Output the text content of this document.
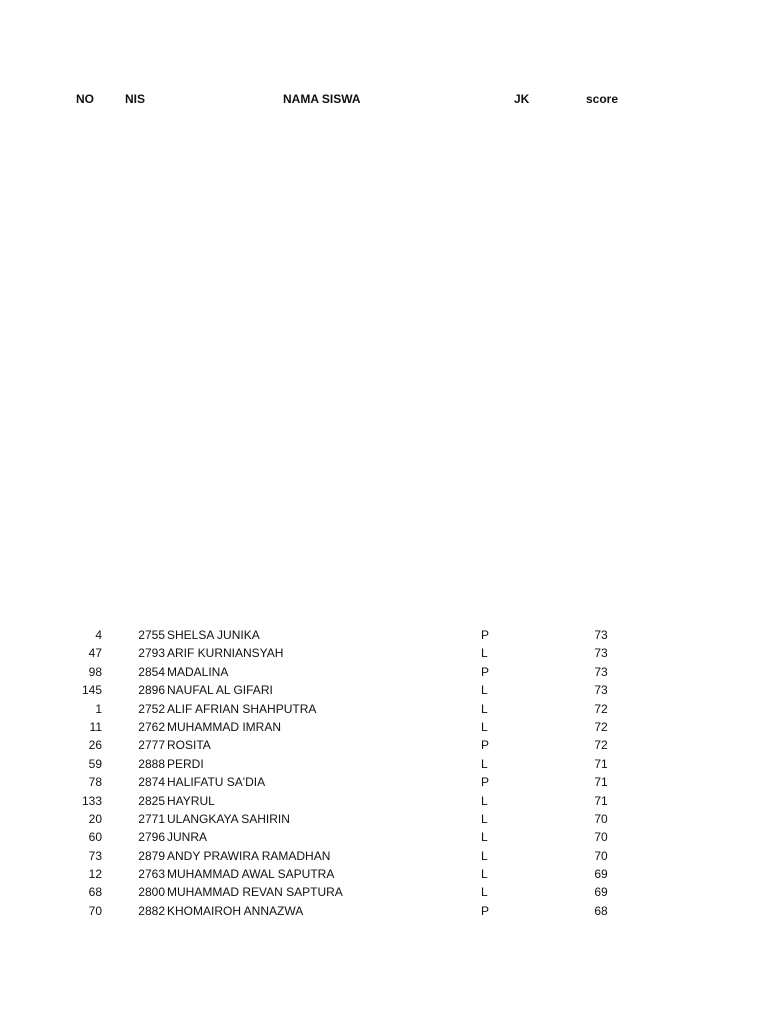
NO	NIS	NAMA SISWA	JK	score
4	2755 SHELSA JUNIKA	P	73
47	2793 ARIF KURNIANSYAH	L	73
98	2854 MADALINA	P	73
145	2896 NAUFAL AL GIFARI	L	73
1	2752 ALIF AFRIAN SHAHPUTRA	L	72
11	2762 MUHAMMAD IMRAN	L	72
26	2777 ROSITA	P	72
59	2888 PERDI	L	71
78	2874 HALIFATU SA'DIA	P	71
133	2825 HAYRUL	L	71
20	2771 ULANGKAYA SAHIRIN	L	70
60	2796 JUNRA	L	70
73	2879 ANDY PRAWIRA RAMADHAN	L	70
12	2763 MUHAMMAD AWAL SAPUTRA	L	69
68	2800 MUHAMMAD REVAN SAPTURA	L	69
70	2882 KHOMAIROH ANNAZWA	P	68
